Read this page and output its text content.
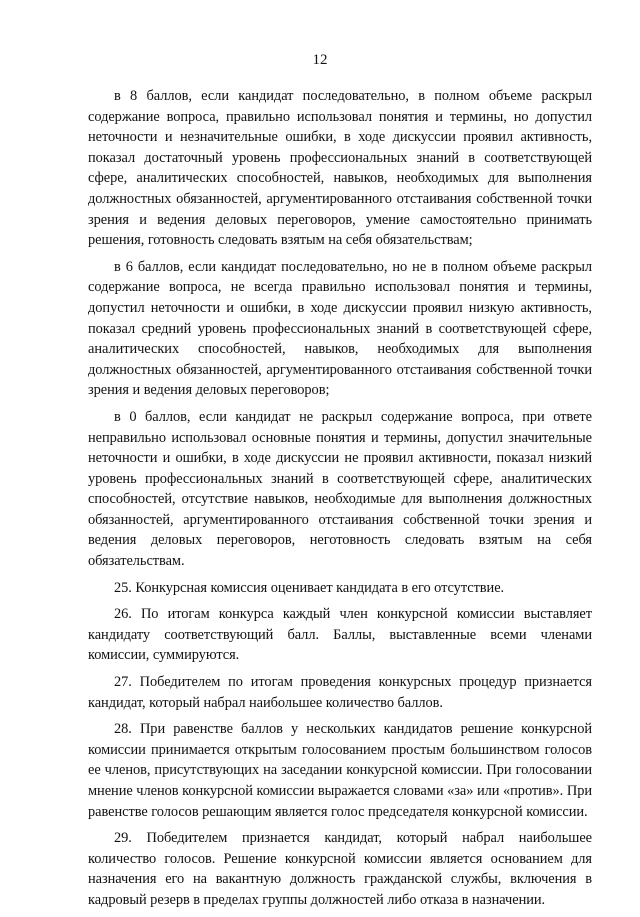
12

в 8 баллов, если кандидат последовательно, в полном объеме раскрыл содержание вопроса, правильно использовал понятия и термины, но допустил неточности и незначительные ошибки, в ходе дискуссии проявил активность, показал достаточный уровень профессиональных знаний в соответствующей сфере, аналитических способностей, навыков, необходимых для выполнения должностных обязанностей, аргументированного отстаивания собственной точки зрения и ведения деловых переговоров, умение самостоятельно принимать решения, готовность следовать взятым на себя обязательствам;

в 6 баллов, если кандидат последовательно, но не в полном объеме раскрыл содержание вопроса, не всегда правильно использовал понятия и термины, допустил неточности и ошибки, в ходе дискуссии проявил низкую активность, показал средний уровень профессиональных знаний в соответствующей сфере, аналитических способностей, навыков, необходимых для выполнения должностных обязанностей, аргументированного отстаивания собственной точки зрения и ведения деловых переговоров;

в 0 баллов, если кандидат не раскрыл содержание вопроса, при ответе неправильно использовал основные понятия и термины, допустил значительные неточности и ошибки, в ходе дискуссии не проявил активности, показал низкий уровень профессиональных знаний в соответствующей сфере, аналитических способностей, отсутствие навыков, необходимые для выполнения должностных обязанностей, аргументированного отстаивания собственной точки зрения и ведения деловых переговоров, неготовность следовать взятым на себя обязательствам.

25. Конкурсная комиссия оценивает кандидата в его отсутствие.

26. По итогам конкурса каждый член конкурсной комиссии выставляет кандидату соответствующий балл. Баллы, выставленные всеми членами комиссии, суммируются.

27. Победителем по итогам проведения конкурсных процедур признается кандидат, который набрал наибольшее количество баллов.

28. При равенстве баллов у нескольких кандидатов решение конкурсной комиссии принимается открытым голосованием простым большинством голосов ее членов, присутствующих на заседании конкурсной комиссии. При голосовании мнение членов конкурсной комиссии выражается словами «за» или «против». При равенстве голосов решающим является голос председателя конкурсной комиссии.

29. Победителем признается кандидат, который набрал наибольшее количество голосов. Решение конкурсной комиссии является основанием для назначения его на вакантную должность гражданской службы, включения в кадровый резерв в пределах группы должностей либо отказа в назначении.
